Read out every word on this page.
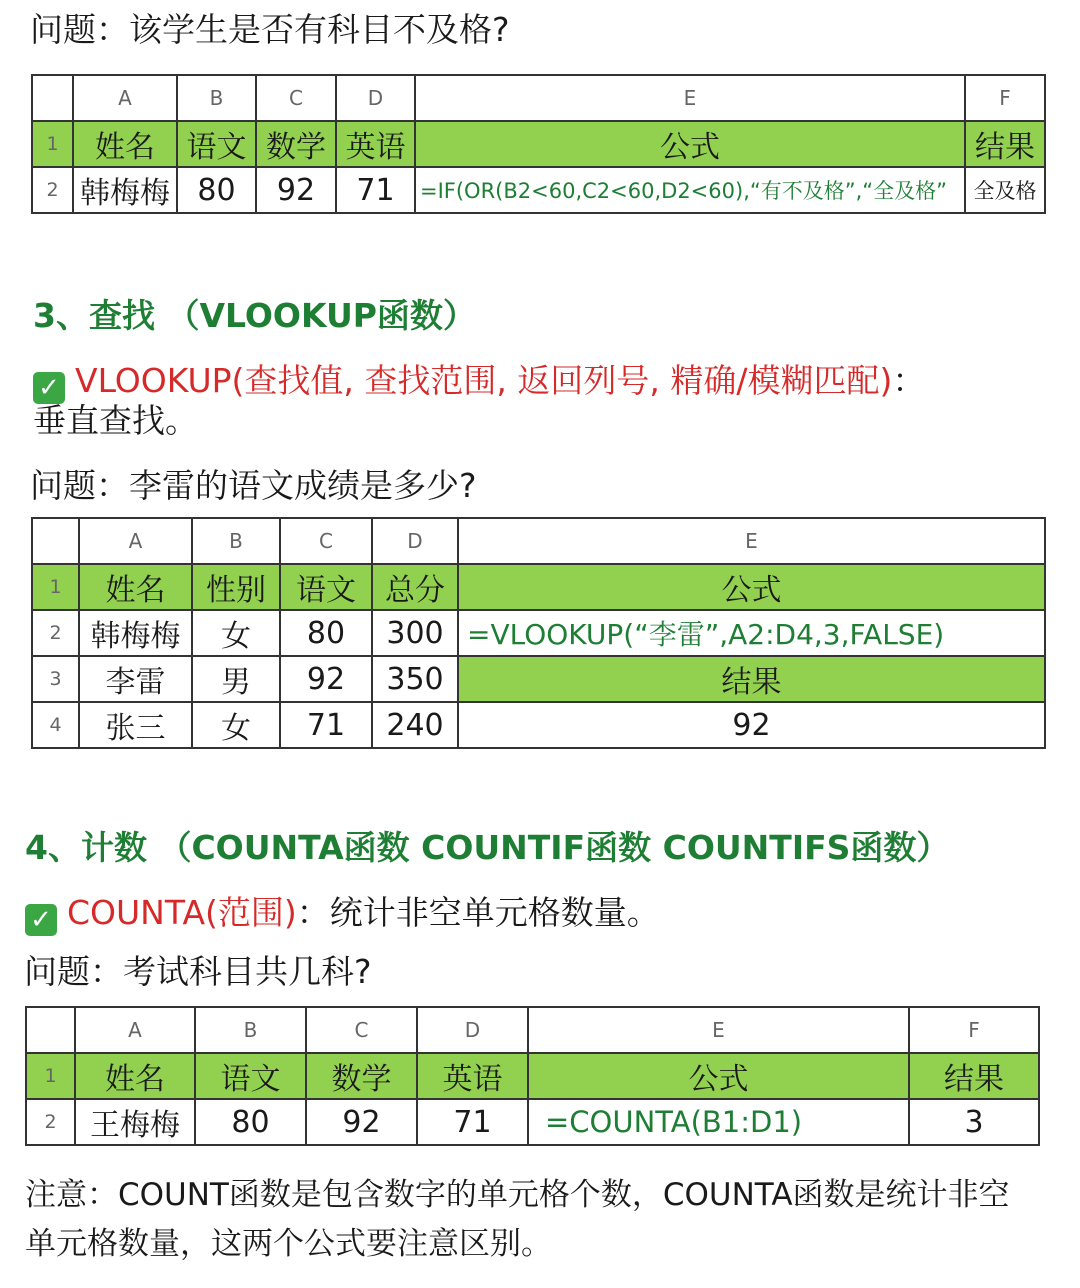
问题：该学生是否有科目不及格?
	A	B	C	D	E	F
1	姓名	语文	数学	英语	公式	结果
2	韩梅梅	80	92	71	=IF(OR(B2<60,C2<60,D2<60),“有不及格”,“全及格”	全及格
3、查找 （VLOOKUP函数）
✓ VLOOKUP(查找值, 查找范围, 返回列号, 精确/模糊匹配)：
垂直查找。
问题：李雷的语文成绩是多少?
	A	B	C	D	E
1	姓名	性别	语文	总分	公式
2	韩梅梅	女	80	300	=VLOOKUP(“李雷”,A2:D4,3,FALSE)
3	李雷	男	92	350	结果
4	张三	女	71	240	92
4、计数 （COUNTA函数 COUNTIF函数 COUNTIFS函数）
✓ COUNTA(范围)：统计非空单元格数量。
问题：考试科目共几科?
	A	B	C	D	E	F
1	姓名	语文	数学	英语	公式	结果
2	王梅梅	80	92	71	=COUNTA(B1:D1)	3
注意：COUNT函数是包含数字的单元格个数，COUNTA函数是统计非空
单元格数量，这两个公式要注意区别。
